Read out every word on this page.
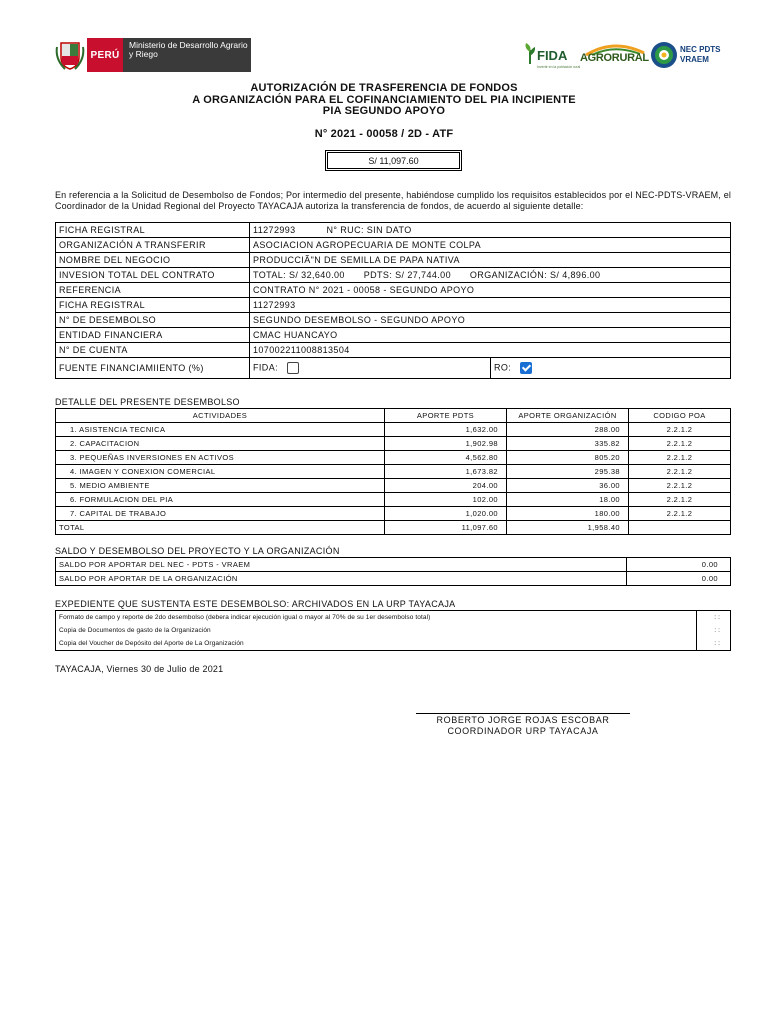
PERÚ
Ministerio de Desarrollo Agrario y Riego	FIDA
Invertir en la población rural
AGRORURAL
NEC PDTS VRAEM
AUTORIZACIÓN DE TRASFERENCIA DE FONDOS
A ORGANIZACIÓN PARA EL COFINANCIAMIENTO DEL PIA INCIPIENTE
PIA SEGUNDO APOYO
N° 2021 - 00058 / 2D - ATF
S/ 11,097.60
En referencia a la Solicitud de Desembolso de Fondos; Por intermedio del presente, habiéndose cumplido los requisitos establecidos por el NEC-PDTS-VRAEM, el Coordinador de la Unidad Regional del Proyecto TAYACAJA autoriza la transferencia de fondos, de acuerdo al siguiente detalle:
FICHA REGISTRAL	11272993 N° RUC: SIN DATO	
ORGANIZACIÓN A TRANSFERIR	ASOCIACION AGROPECUARIA DE MONTE COLPA	
NOMBRE DEL NEGOCIO	PRODUCCIÃ"N DE SEMILLA DE PAPA NATIVA	
INVESION TOTAL DEL CONTRATO	TOTAL: S/ 32,640.00 PDTS: S/ 27,744.00 ORGANIZACIÓN: S/ 4,896.00	
REFERENCIA	CONTRATO N° 2021 - 00058 - SEGUNDO APOYO	
FICHA REGISTRAL	11272993	
N° DE DESEMBOLSO	SEGUNDO DESEMBOLSO - SEGUNDO APOYO	
ENTIDAD FINANCIERA	CMAC HUANCAYO	
N° DE CUENTA	107002211008813504	
FUENTE FINANCIAMIIENTO (%)	FIDA:	RO:
DETALLE DEL PRESENTE DESEMBOLSO
ACTIVIDADES	APORTE PDTS	APORTE ORGANIZACIÓN	CODIGO POA
1. ASISTENCIA TECNICA	1,632.00	288.00	2.2.1.2
2. CAPACITACION	1,902.98	335.82	2.2.1.2
3. PEQUEÑAS INVERSIONES EN ACTIVOS	4,562.80	805.20	2.2.1.2
4. IMAGEN Y CONEXION COMERCIAL	1,673.82	295.38	2.2.1.2
5. MEDIO AMBIENTE	204.00	36.00	2.2.1.2
6. FORMULACION DEL PIA	102.00	18.00	2.2.1.2
7. CAPITAL DE TRABAJO	1,020.00	180.00	2.2.1.2
TOTAL	11,097.60	1,958.40	
SALDO Y DESEMBOLSO DEL PROYECTO Y LA ORGANIZACIÓN
SALDO POR APORTAR DEL NEC - PDTS - VRAEM	0.00
SALDO POR APORTAR DE LA ORGANIZACIÓN	0.00
EXPEDIENTE QUE SUSTENTA ESTE DESEMBOLSO: ARCHIVADOS EN LA URP TAYACAJA
Formato de campo y reporte de 2do desembolso (debera indicar ejecución igual o mayor al 70% de su 1er desembolso total)	: :
Copia de Documentos de gasto de la Organización	: :
Copia del Voucher de Depósito del Aporte de La Organización	: :
TAYACAJA, Viernes 30 de Julio de 2021
ROBERTO JORGE ROJAS ESCOBAR
COORDINADOR URP TAYACAJA
